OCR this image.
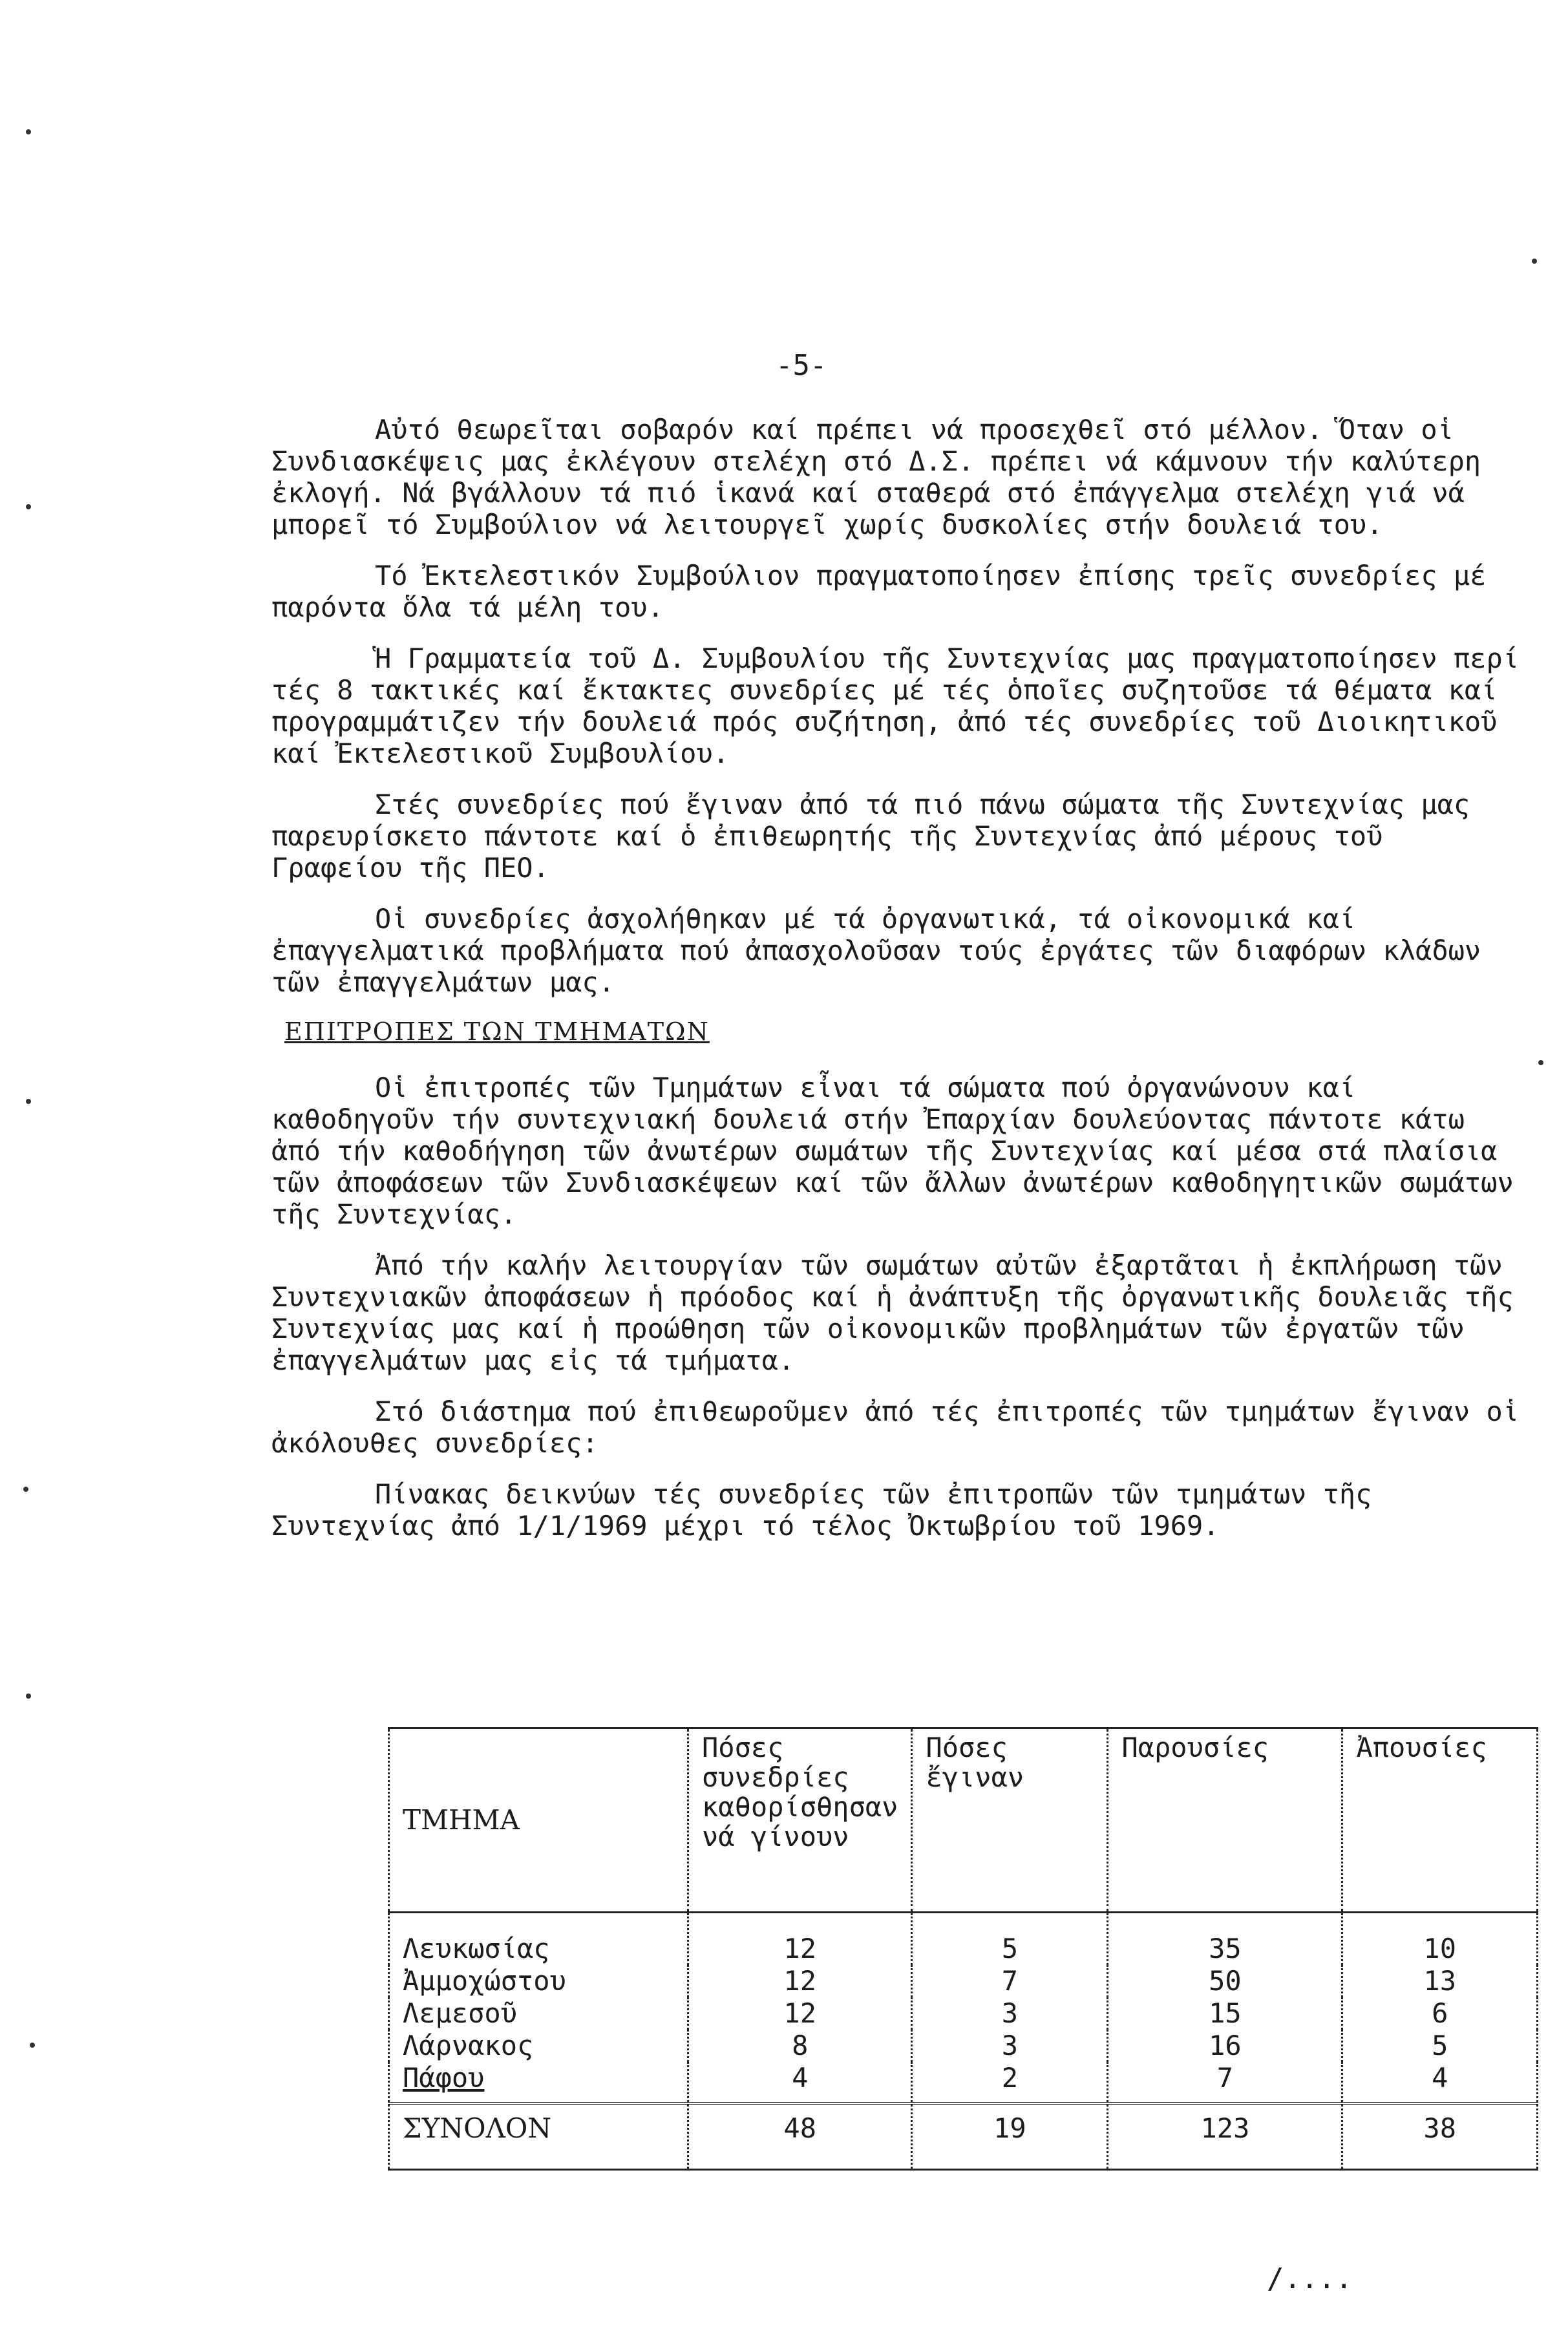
-5-

Αὐτό θεωρεῖται σοβαρόν καί πρέπει νά προσεχθεῖ στό μέλλον. Ὅταν οἱ Συνδιασκέψεις μας ἐκλέγουν στελέχη στό Δ.Σ. πρέπει νά κάμνουν τήν καλύτερη ἐκλογή. Νά βγάλλουν τά πιό ἱκανά καί σταθερά στό ἐπάγγελμα στελέχη γιά νά μπορεῖ τό Συμβούλιον νά λειτουργεῖ χωρίς δυσκολίες στήν δουλειά του.

Τό Ἐκτελεστικόν Συμβούλιον πραγματοποίησεν ἐπίσης τρεῖς συνεδρίες μέ παρόντα ὅλα τά μέλη του.

Ἡ Γραμματεία τοῦ Δ. Συμβουλίου τῆς Συντεχνίας μας πραγματοποίησεν περί τές 8 τακτικές καί ἔκτακτες συνεδρίες μέ τές ὁποῖες συζητοῦσε τά θέματα καί προγραμμάτιζεν τήν δουλειά πρός συζήτηση, ἀπό τές συνεδρίες τοῦ Διοικητικοῦ καί Ἐκτελεστικοῦ Συμβουλίου.

Στές συνεδρίες πού ἔγιναν ἀπό τά πιό πάνω σώματα τῆς Συντεχνίας μας παρευρίσκετο πάντοτε καί ὁ ἐπιθεωρητής τῆς Συντεχνίας ἀπό μέρους τοῦ Γραφείου τῆς ΠΕΟ.

Οἱ συνεδρίες ἀσχολήθηκαν μέ τά ὀργανωτικά, τά οἰκονομικά καί ἐπαγγελματικά προβλήματα πού ἀπασχολοῦσαν τούς ἐργάτες τῶν διαφόρων κλάδων τῶν ἐπαγγελμάτων μας.

ΕΠΙΤΡΟΠΕΣ ΤΩΝ ΤΜΗΜΑΤΩΝ

Οἱ ἐπιτροπές τῶν Τμημάτων εἶναι τά σώματα πού ὀργανώνουν καί καθοδηγοῦν τήν συντεχνιακή δουλειά στήν Ἐπαρχίαν δουλεύοντας πάντοτε κάτω ἀπό τήν καθοδήγηση τῶν ἀνωτέρων σωμάτων τῆς Συντεχνίας καί μέσα στά πλαίσια τῶν ἀποφάσεων τῶν Συνδιασκέψεων καί τῶν ἄλλων ἀνωτέρων καθοδηγητικῶν σωμάτων τῆς Συντεχνίας.

Ἀπό τήν καλήν λειτουργίαν τῶν σωμάτων αὐτῶν ἐξαρτᾶται ἡ ἐκπλήρωση τῶν Συντεχνιακῶν ἀποφάσεων ἡ πρόοδος καί ἡ ἀνάπτυξη τῆς ὀργανωτικῆς δουλειᾶς τῆς Συντεχνίας μας καί ἡ προώθηση τῶν οἰκονομικῶν προβλημάτων τῶν ἐργατῶν τῶν ἐπαγγελμάτων μας εἰς τά τμήματα.

Στό διάστημα πού ἐπιθεωροῦμεν ἀπό τές ἐπιτροπές τῶν τμημάτων ἔγιναν οἱ ἀκόλουθες συνεδρίες:

Πίνακας δεικνύων τές συνεδρίες τῶν ἐπιτροπῶν τῶν τμημάτων τῆς Συντεχνίας ἀπό 1/1/1969 μέχρι τό τέλος Ὀκτωβρίου τοῦ 1969.

ΤΜΗΜΑ	Πόσες συνεδρίες καθορίσθησαν νά γίνουν	Πόσες ἔγιναν	Παρουσίες	Ἀπουσίες
Λευκωσίας	12	5	35	10
Ἀμμοχώστου	12	7	50	13
Λεμεσοῦ	12	3	15	6
Λάρνακος	8	3	16	5
Πάφου	4	2	7	4
ΣΥΝΟΛΟΝ	48	19	123	38

/....
